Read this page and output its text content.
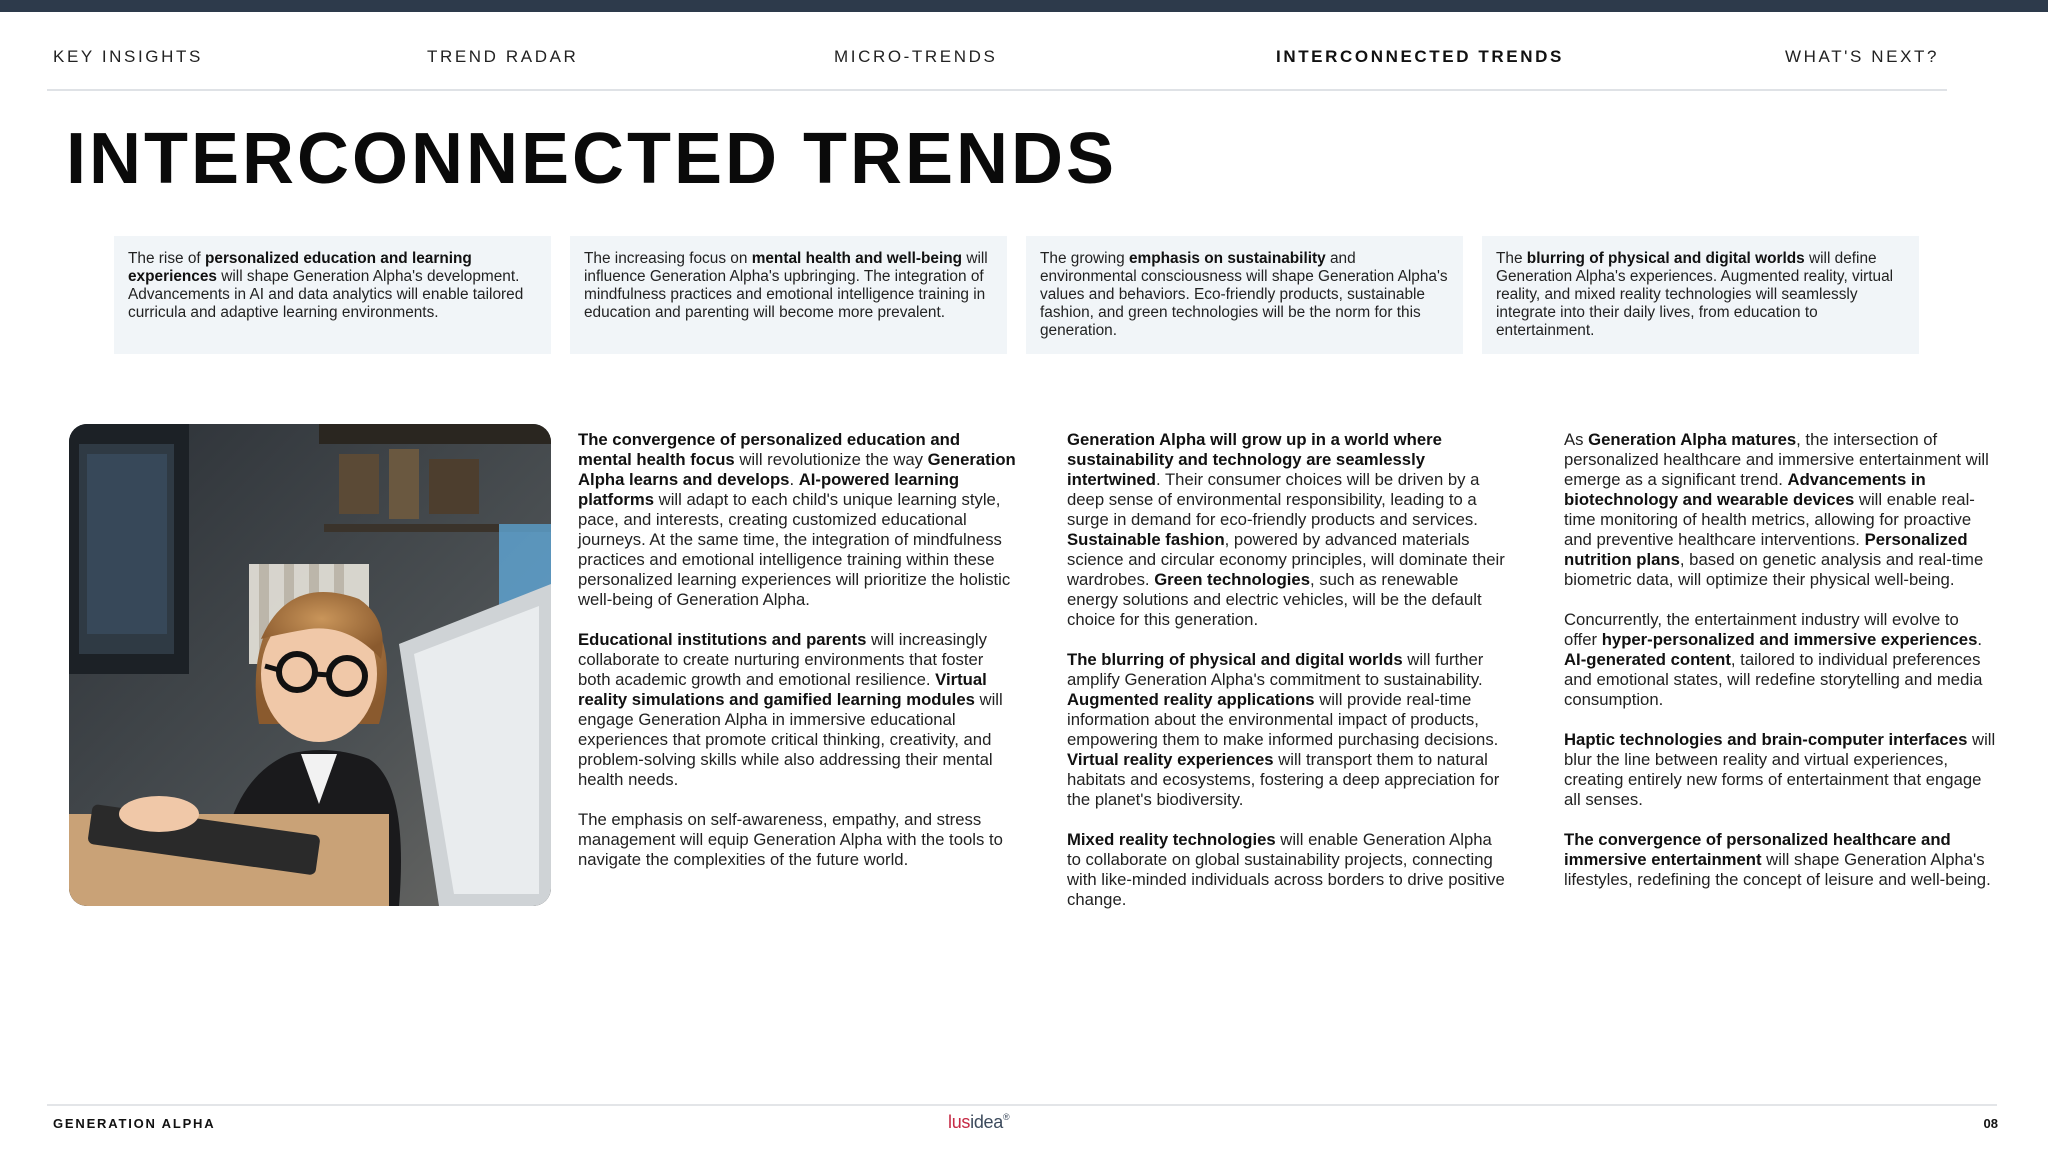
KEY INSIGHTS	TREND RADAR	MICRO-TRENDS	INTERCONNECTED TRENDS	WHAT'S NEXT?
INTERCONNECTED TRENDS
The rise of personalized education and learning experiences will shape Generation Alpha's development. Advancements in AI and data analytics will enable tailored curricula and adaptive learning environments.
The increasing focus on mental health and well-being will influence Generation Alpha's upbringing. The integration of mindfulness practices and emotional intelligence training in education and parenting will become more prevalent.
The growing emphasis on sustainability and environmental consciousness will shape Generation Alpha's values and behaviors. Eco-friendly products, sustainable fashion, and green technologies will be the norm for this generation.
The blurring of physical and digital worlds will define Generation Alpha's experiences. Augmented reality, virtual reality, and mixed reality technologies will seamlessly integrate into their daily lives, from education to entertainment.

The convergence of personalized education and mental health focus will revolutionize the way Generation Alpha learns and develops. AI-powered learning platforms will adapt to each child's unique learning style, pace, and interests, creating customized educational journeys. At the same time, the integration of mindfulness practices and emotional intelligence training within these personalized learning experiences will prioritize the holistic well-being of Generation Alpha.

Educational institutions and parents will increasingly collaborate to create nurturing environments that foster both academic growth and emotional resilience. Virtual reality simulations and gamified learning modules will engage Generation Alpha in immersive educational experiences that promote critical thinking, creativity, and problem-solving skills while also addressing their mental health needs.

The emphasis on self-awareness, empathy, and stress management will equip Generation Alpha with the tools to navigate the complexities of the future world.

Generation Alpha will grow up in a world where sustainability and technology are seamlessly intertwined. Their consumer choices will be driven by a deep sense of environmental responsibility, leading to a surge in demand for eco-friendly products and services. Sustainable fashion, powered by advanced materials science and circular economy principles, will dominate their wardrobes. Green technologies, such as renewable energy solutions and electric vehicles, will be the default choice for this generation.

The blurring of physical and digital worlds will further amplify Generation Alpha's commitment to sustainability. Augmented reality applications will provide real-time information about the environmental impact of products, empowering them to make informed purchasing decisions. Virtual reality experiences will transport them to natural habitats and ecosystems, fostering a deep appreciation for the planet's biodiversity.

Mixed reality technologies will enable Generation Alpha to collaborate on global sustainability projects, connecting with like-minded individuals across borders to drive positive change.

As Generation Alpha matures, the intersection of personalized healthcare and immersive entertainment will emerge as a significant trend. Advancements in biotechnology and wearable devices will enable real-time monitoring of health metrics, allowing for proactive and preventive healthcare interventions. Personalized nutrition plans, based on genetic analysis and real-time biometric data, will optimize their physical well-being.

Concurrently, the entertainment industry will evolve to offer hyper-personalized and immersive experiences. AI-generated content, tailored to individual preferences and emotional states, will redefine storytelling and media consumption.

Haptic technologies and brain-computer interfaces will blur the line between reality and virtual experiences, creating entirely new forms of entertainment that engage all senses.

The convergence of personalized healthcare and immersive entertainment will shape Generation Alpha's lifestyles, redefining the concept of leisure and well-being.

GENERATION ALPHA	lusidea®	08
